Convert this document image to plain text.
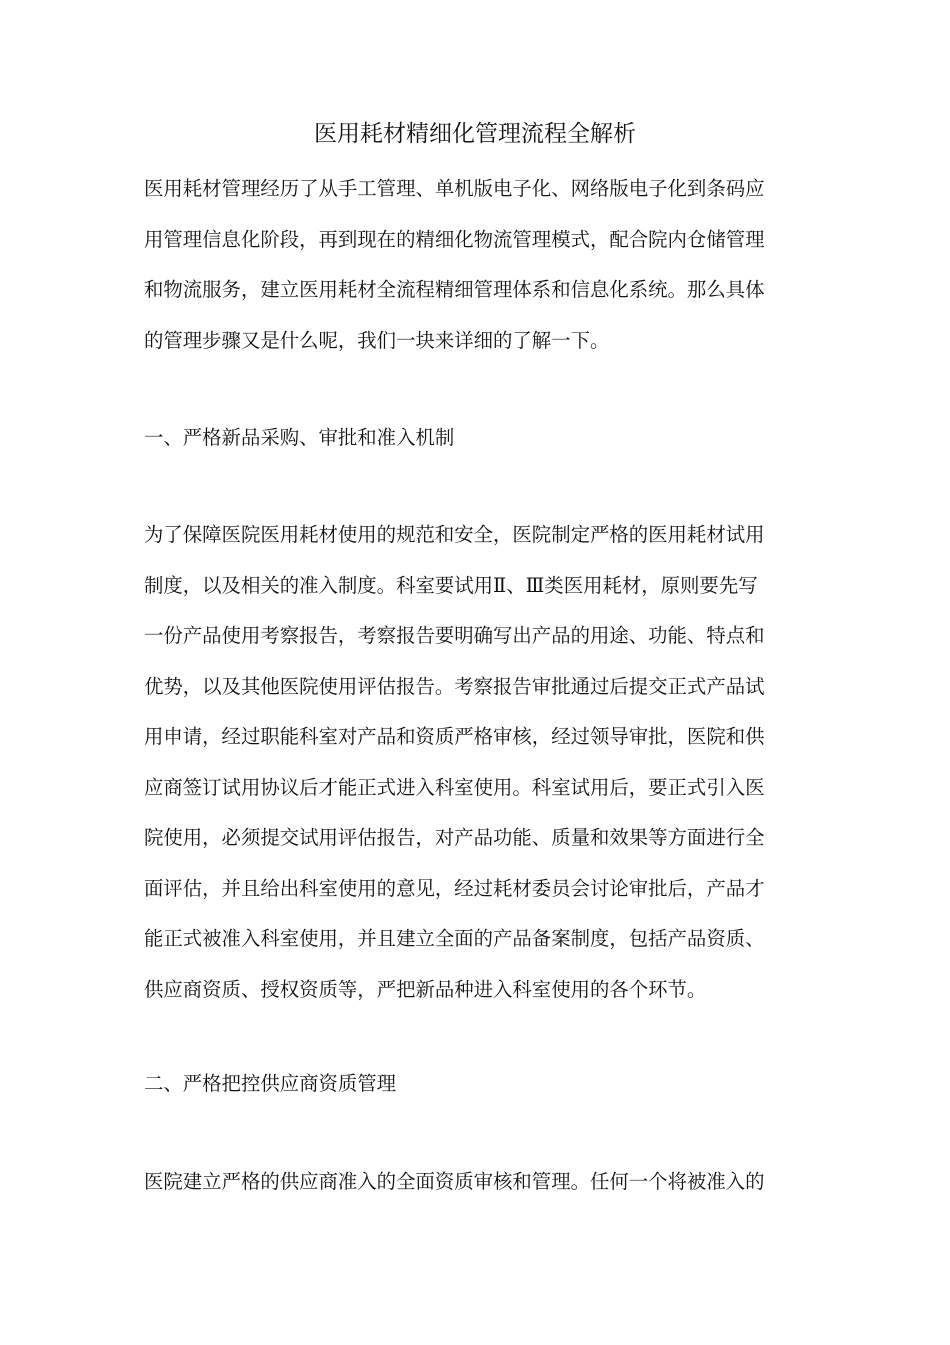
医用耗材精细化管理流程全解析
医用耗材管理经历了从手工管理、单机版电子化、网络版电子化到条码应
用管理信息化阶段，再到现在的精细化物流管理模式，配合院内仓储管理
和物流服务，建立医用耗材全流程精细管理体系和信息化系统。那么具体
的管理步骤又是什么呢，我们一块来详细的了解一下。
一、严格新品采购、审批和准入机制
为了保障医院医用耗材使用的规范和安全，医院制定严格的医用耗材试用
制度，以及相关的准入制度。科室要试用Ⅱ、Ⅲ类医用耗材，原则要先写
一份产品使用考察报告，考察报告要明确写出产品的用途、功能、特点和
优势，以及其他医院使用评估报告。考察报告审批通过后提交正式产品试
用申请，经过职能科室对产品和资质严格审核，经过领导审批，医院和供
应商签订试用协议后才能正式进入科室使用。科室试用后，要正式引入医
院使用，必须提交试用评估报告，对产品功能、质量和效果等方面进行全
面评估，并且给出科室使用的意见，经过耗材委员会讨论审批后，产品才
能正式被准入科室使用，并且建立全面的产品备案制度，包括产品资质、
供应商资质、授权资质等，严把新品种进入科室使用的各个环节。
二、严格把控供应商资质管理
医院建立严格的供应商准入的全面资质审核和管理。任何一个将被准入的
